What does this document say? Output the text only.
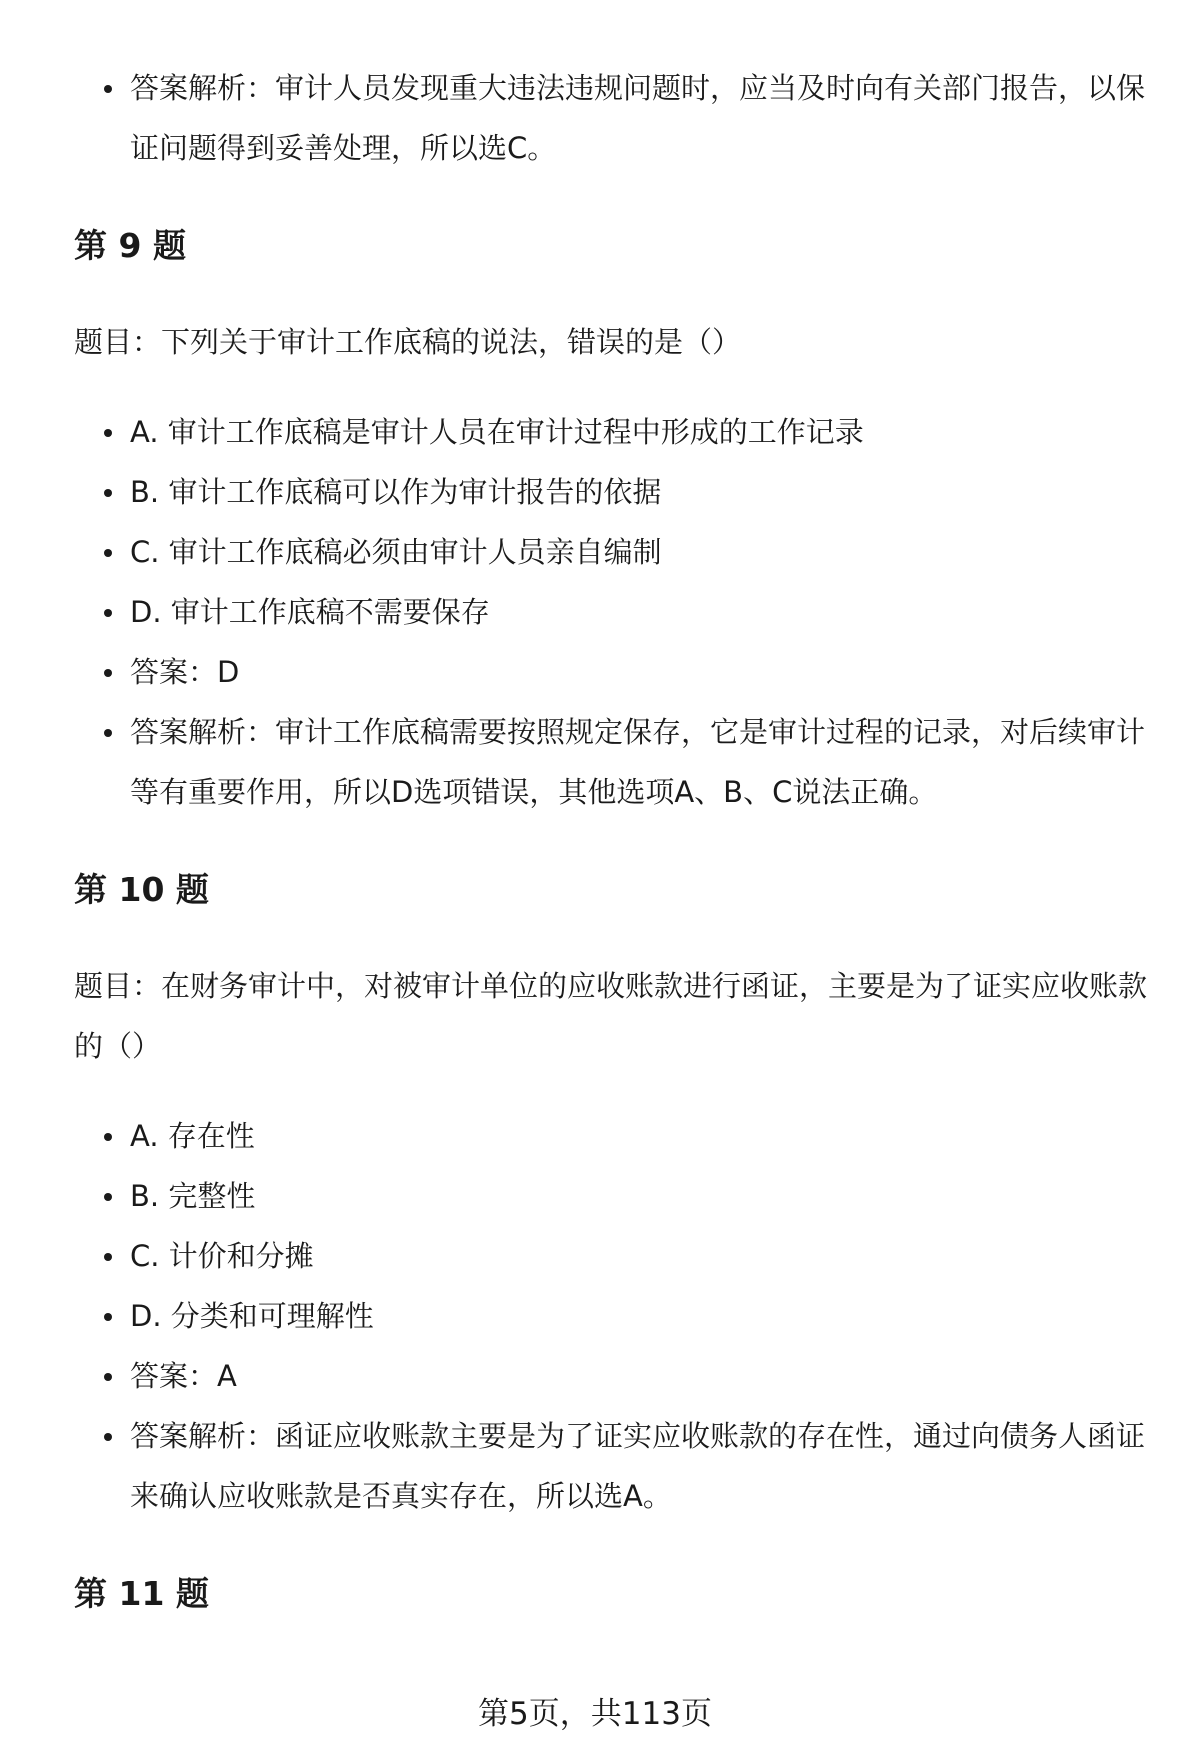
答案解析：审计人员发现重大违法违规问题时，应当及时向有关部门报告，以保证问题得到妥善处理，所以选C。
第 9 题

题目：下列关于审计工作底稿的说法，错误的是（）

A. 审计工作底稿是审计人员在审计过程中形成的工作记录
B. 审计工作底稿可以作为审计报告的依据
C. 审计工作底稿必须由审计人员亲自编制
D. 审计工作底稿不需要保存
答案：D
答案解析：审计工作底稿需要按照规定保存，它是审计过程的记录，对后续审计等有重要作用，所以D选项错误，其他选项A、B、C说法正确。
第 10 题

题目：在财务审计中，对被审计单位的应收账款进行函证，主要是为了证实应收账款的（）

A. 存在性
B. 完整性
C. 计价和分摊
D. 分类和可理解性
答案：A
答案解析：函证应收账款主要是为了证实应收账款的存在性，通过向债务人函证来确认应收账款是否真实存在，所以选A。
第 11 题
第5页，共113页
